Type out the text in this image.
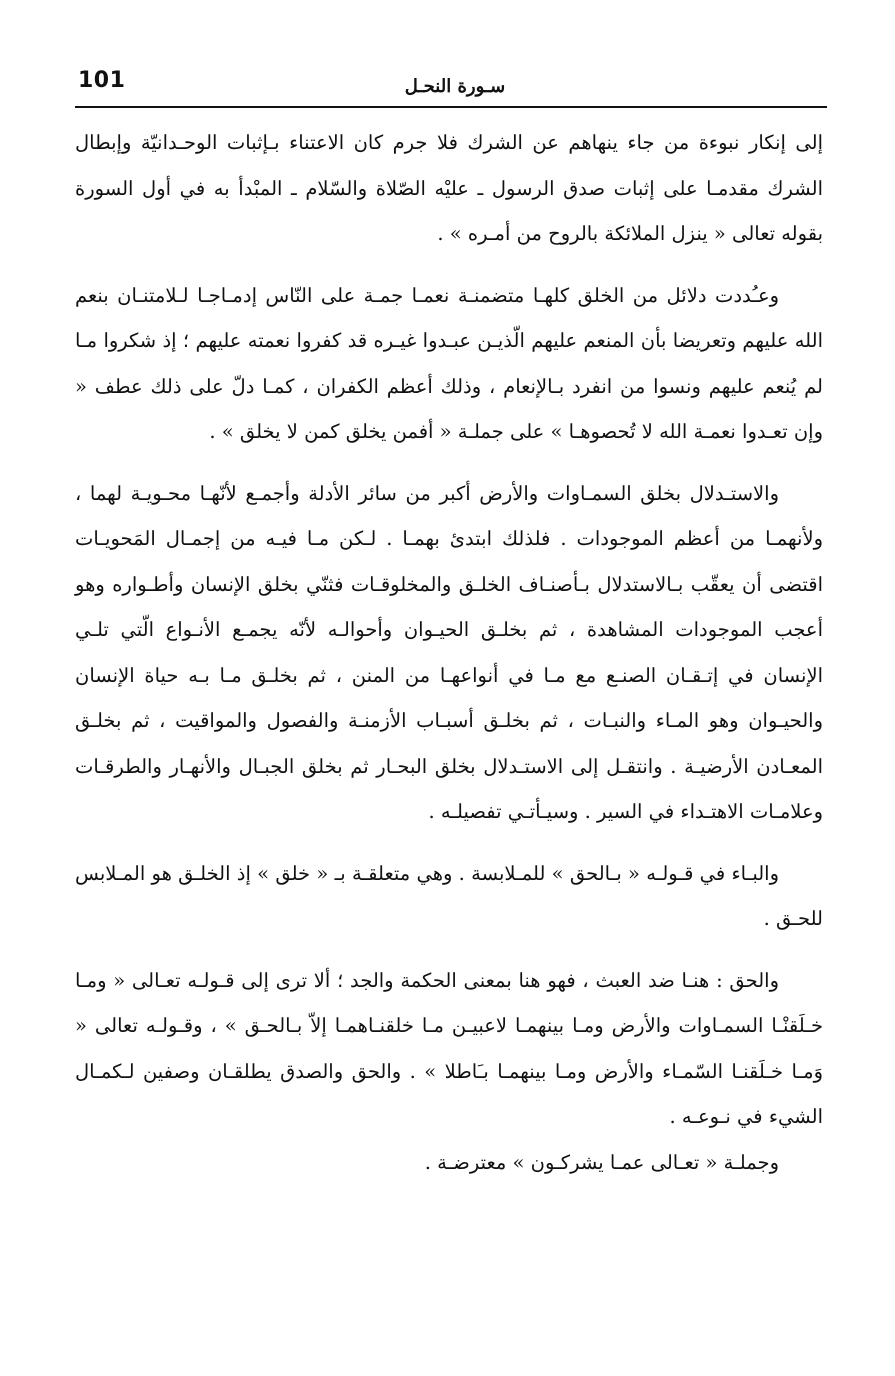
101	سـورة النحـل

إلى إنكار نبوءة من جاء ينهاهم عن الشرك فلا جرم كان الاعتناء بـإثبات الوحـدانيّة وإبطال الشرك مقدمـا على إثبات صدق الرسول ـ عليْه الصّلاة والسّلام ـ المبْدأ به في أول السورة بقوله تعالى « ينزل الملائكة بالروح من أمـره » .

وعـُددت دلائل من الخلق كلهـا متضمنـة نعمـا جمـة على النّاس إدمـاجـا لـلامتنـان بنعم الله عليهم وتعريضا بأن المنعم عليهم الّذيـن عبـدوا غيـره قد كفروا نعمته عليهم ؛ إذ شكروا مـا لم يُنعم عليهم ونسوا من انفرد بـالإنعام ، وذلك أعظم الكفران ، كمـا دلّ على ذلك عطف « وإن تعـدوا نعمـة الله لا تُحصوهـا » على جملـة « أفمن يخلق كمن لا يخلق » .

والاستـدلال بخلق السمـاوات والأرض أكبر من سائر الأدلة وأجمـع لأنّهـا محـويـة لهما ، ولأنهمـا من أعظم الموجودات . فلذلك ابتدئ بهمـا . لـكن مـا فيـه من إجمـال المَحويـات اقتضى أن يعقّب بـالاستدلال بـأصنـاف الخلـق والمخلوقـات فثنّي بخلق الإنسان وأطـواره وهو أعجب الموجودات المشاهدة ، ثم بخلـق الحيـوان وأحوالـه لأنّه يجمـع الأنـواع الّتي تلـي الإنسان في إتـقـان الصنـع مع مـا في أنواعهـا من المنن ، ثم بخلـق مـا بـه حياة الإنسان والحيـوان وهو المـاء والنبـات ، ثم بخلـق أسبـاب الأزمنـة والفصول والمواقيت ، ثم بخلـق المعـادن الأرضيـة . وانتقـل إلى الاستـدلال بخلق البحـار ثم بخلق الجبـال والأنهـار والطرقـات وعلامـات الاهتـداء في السير . وسيـأتـي تفصيلـه .

والبـاء في قـولـه « بـالحق » للمـلابسة . وهي متعلقـة بـ « خلق » إذ الخلـق هو المـلابس للحـق .

والحق : هنـا ضد العبث ، فهو هنا بمعنى الحكمة والجد ؛ ألا ترى إلى قـولـه تعـالى « ومـا خـلَقنْـا السمـاوات والأرض ومـا بينهمـا لاعبيـن مـا خلقنـاهمـا إلاّ بـالحـق » ، وقـولـه تعالى « وَمـا خـلَقنـا السّمـاء والأرض ومـا بينهمـا بـَاطلا » . والحق والصدق يطلقـان وصفين لـكمـال الشيء في نـوعـه .

وجملـة « تعـالى عمـا يشركـون » معترضـة .
